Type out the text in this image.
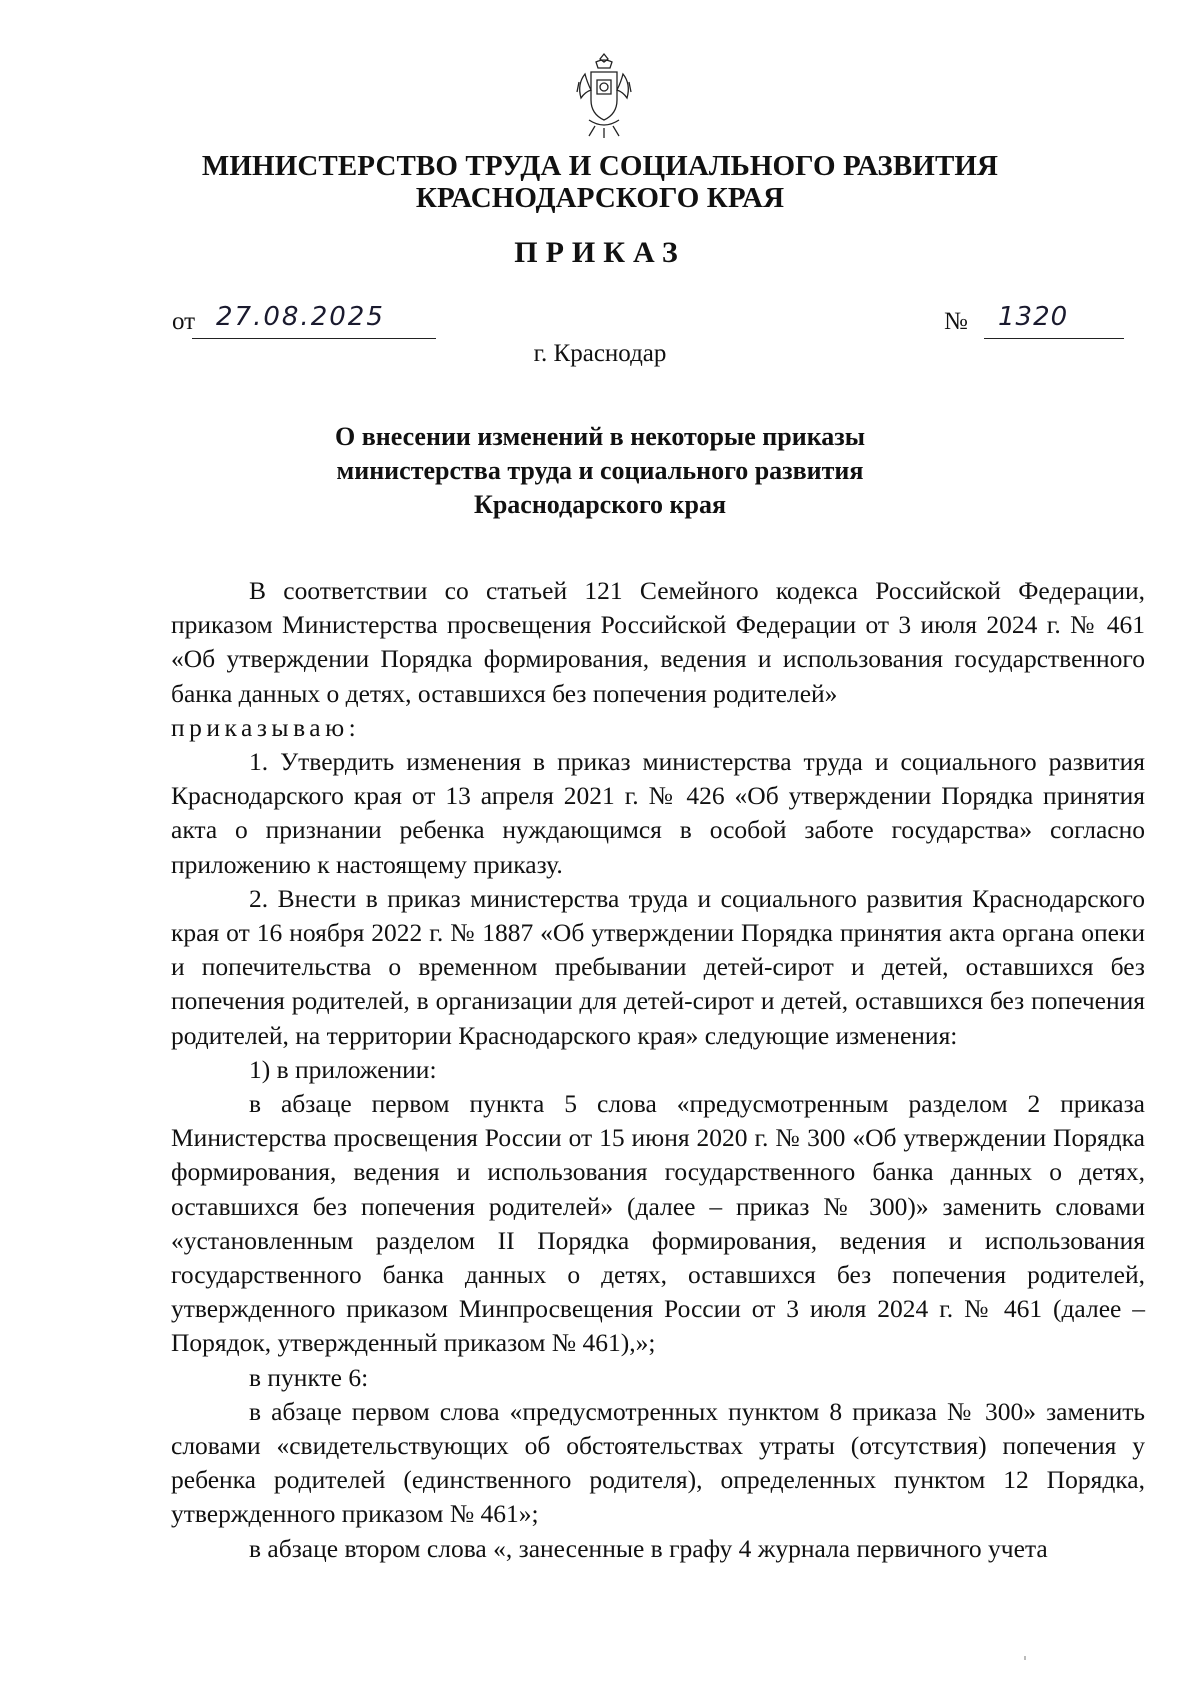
МИНИСТЕРСТВО ТРУДА И СОЦИАЛЬНОГО РАЗВИТИЯ
КРАСНОДАРСКОГО КРАЯ
ПРИКАЗ
от 27.08.2025	№ 1320
г. Краснодар
О внесении изменений в некоторые приказы
министерства труда и социального развития
Краснодарского края

В соответствии со статьей 121 Семейного кодекса Российской Федерации, приказом Министерства просвещения Российской Федерации от 3 июля 2024 г. № 461 «Об утверждении Порядка формирования, ведения и использования государственного банка данных о детях, оставшихся без попечения родителей»

приказываю:

1. Утвердить изменения в приказ министерства труда и социального развития Краснодарского края от 13 апреля 2021 г. № 426 «Об утверждении Порядка принятия акта о признании ребенка нуждающимся в особой заботе государства» согласно приложению к настоящему приказу.

2. Внести в приказ министерства труда и социального развития Краснодарского края от 16 ноября 2022 г. № 1887 «Об утверждении Порядка принятия акта органа опеки и попечительства о временном пребывании детей-сирот и детей, оставшихся без попечения родителей, в организации для детей-сирот и детей, оставшихся без попечения родителей, на территории Краснодарского края» следующие изменения:

1) в приложении:

в абзаце первом пункта 5 слова «предусмотренным разделом 2 приказа Министерства просвещения России от 15 июня 2020 г. № 300 «Об утверждении Порядка формирования, ведения и использования государственного банка данных о детях, оставшихся без попечения родителей» (далее – приказ № 300)» заменить словами «установленным разделом II Порядка формирования, ведения и использования государственного банка данных о детях, оставшихся без попечения родителей, утвержденного приказом Минпросвещения России от 3 июля 2024 г. № 461 (далее – Порядок, утвержденный приказом № 461),»;

в пункте 6:

в абзаце первом слова «предусмотренных пунктом 8 приказа № 300» заменить словами «свидетельствующих об обстоятельствах утраты (отсутствия) попечения у ребенка родителей (единственного родителя), определенных пунктом 12 Порядка, утвержденного приказом № 461»;

в абзаце втором слова «, занесенные в графу 4 журнала первичного учета
